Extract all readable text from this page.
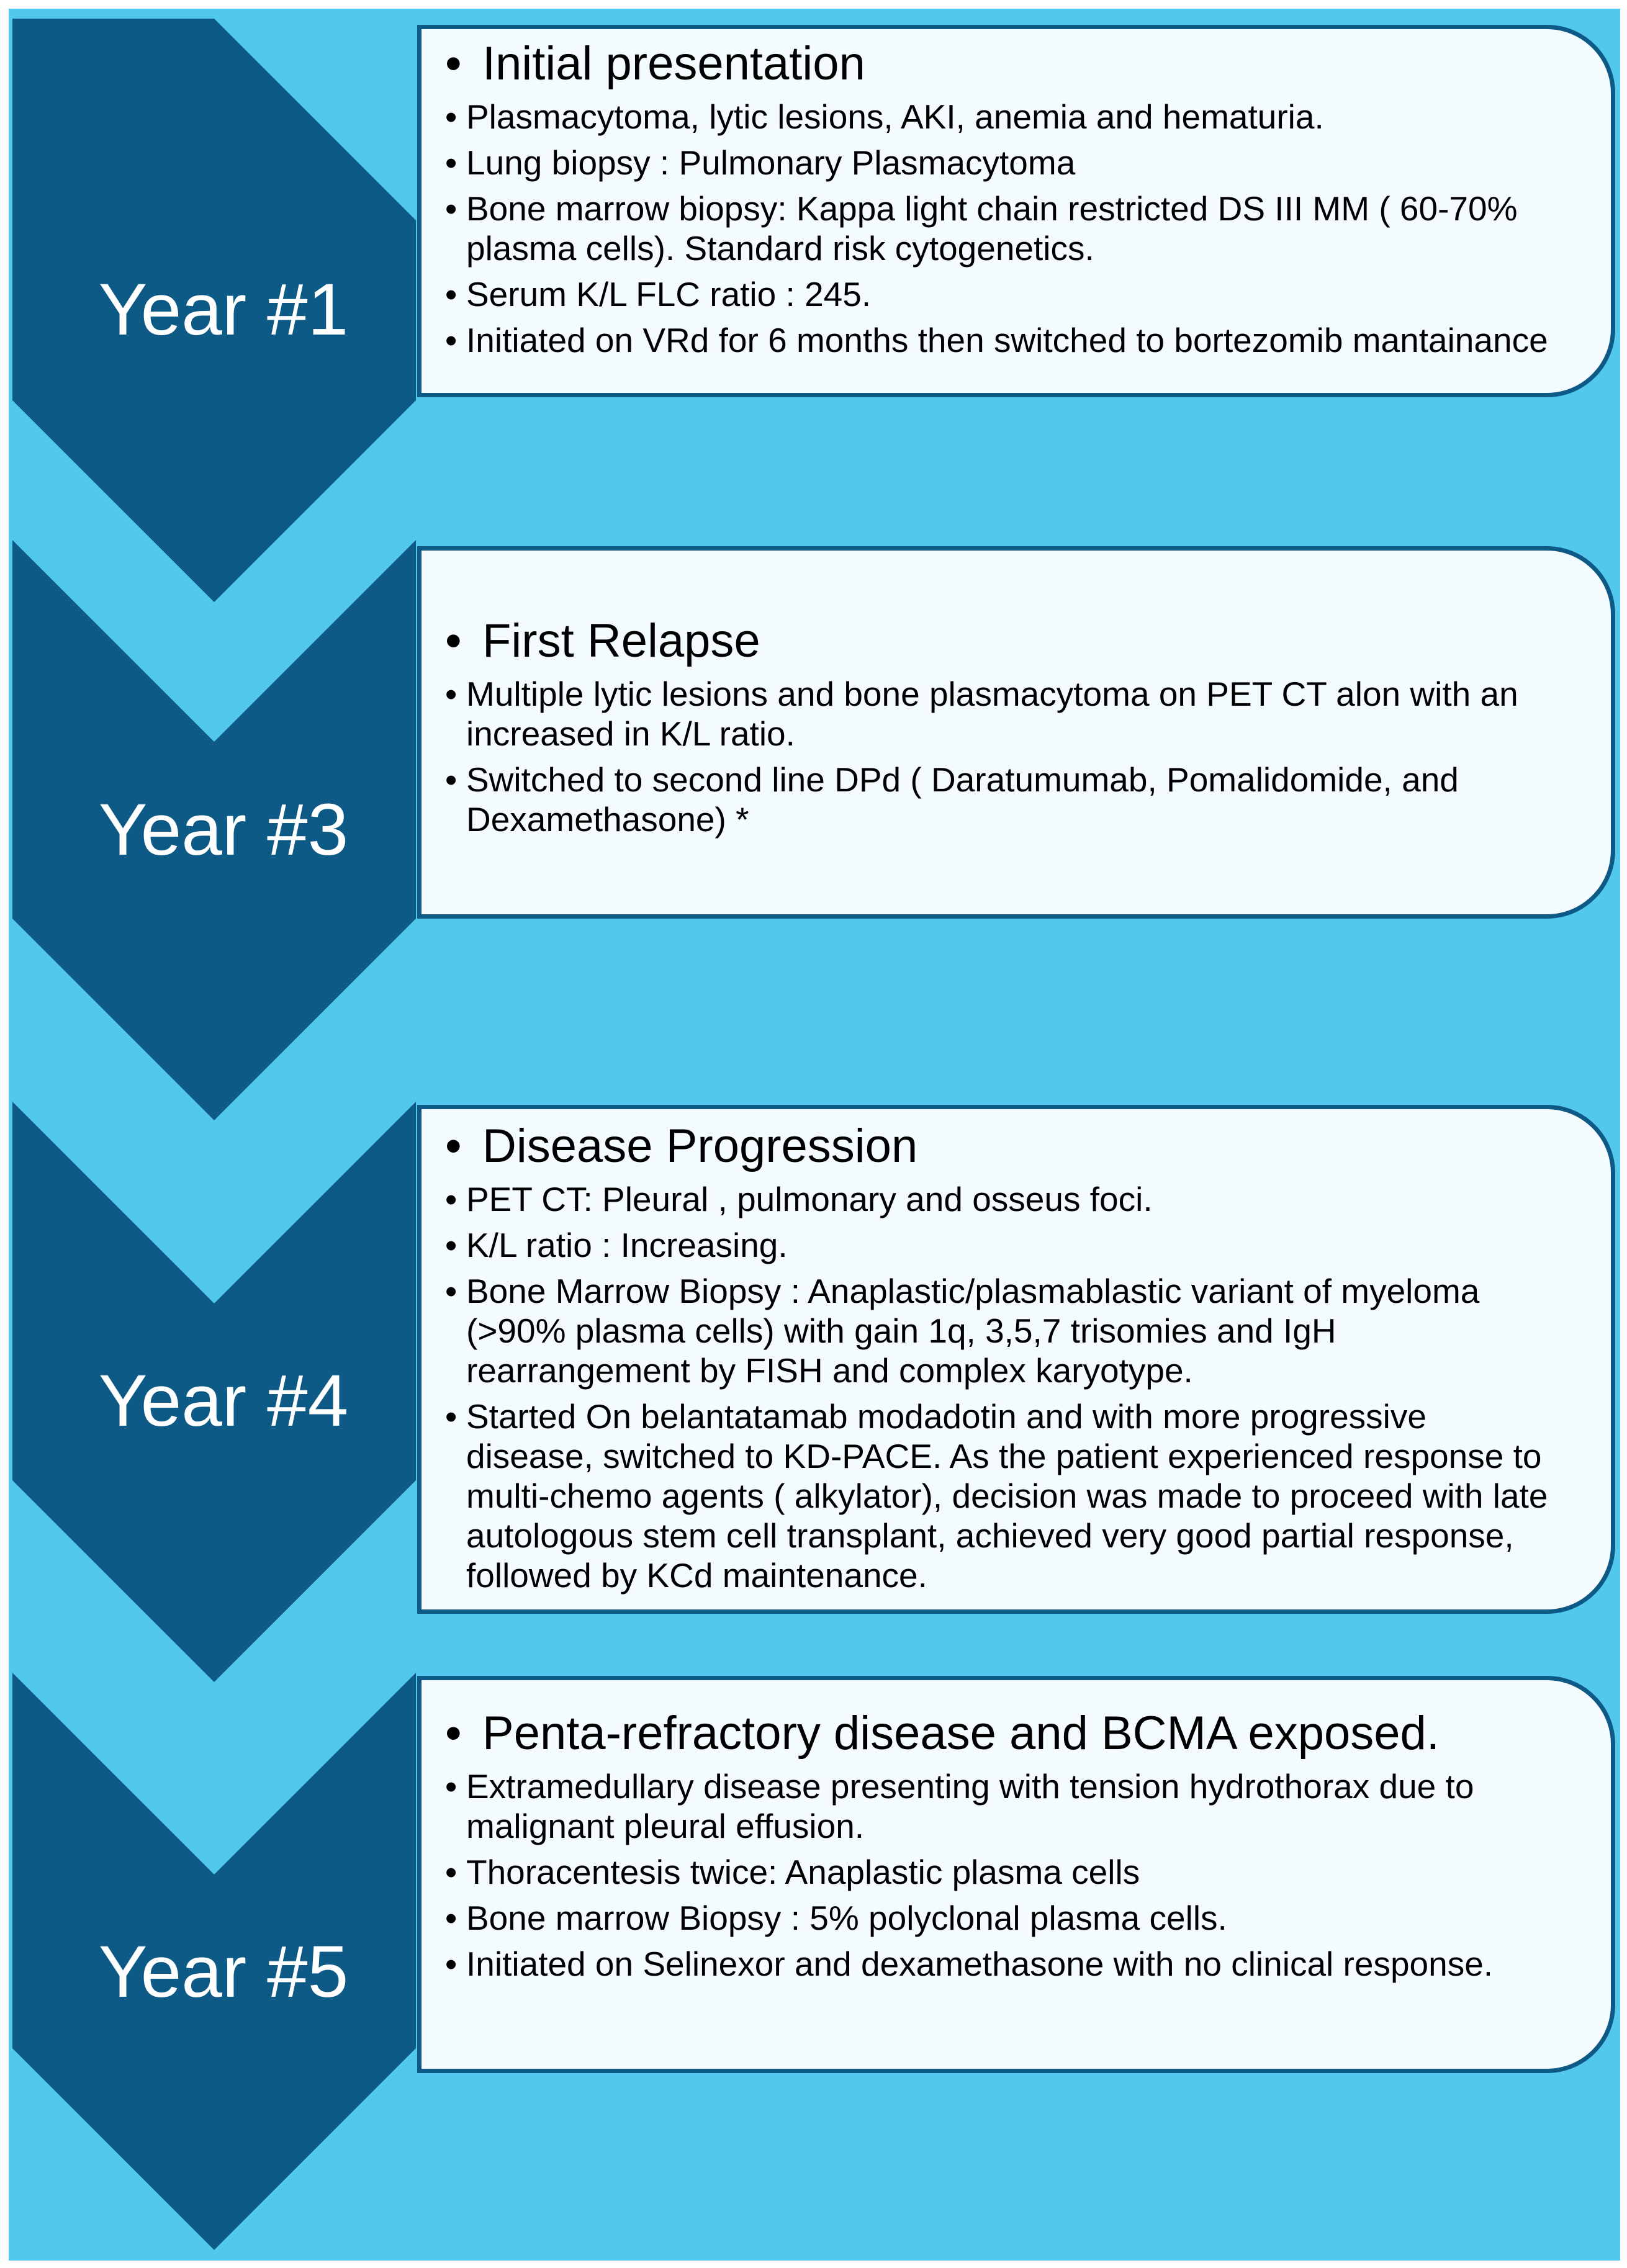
Year #1
Year #3
Year #4
Year #5
• Initial presentation
• Plasmacytoma, lytic lesions, AKI, anemia and hematuria.
• Lung biopsy : Pulmonary Plasmacytoma
• Bone marrow biopsy: Kappa light chain restricted DS III MM ( 60-70% plasma cells). Standard risk cytogenetics.
• Serum K/L FLC ratio : 245.
• Initiated on VRd for 6 months then switched to bortezomib mantainance
• First Relapse
• Multiple lytic lesions and bone plasmacytoma on PET CT alon with an increased in K/L ratio.
• Switched to second line DPd ( Daratumumab, Pomalidomide, and Dexamethasone) *
• Disease Progression
• PET CT: Pleural , pulmonary and osseus foci.
• K/L ratio : Increasing.
• Bone Marrow Biopsy : Anaplastic/plasmablastic variant of myeloma (>90% plasma cells) with gain 1q, 3,5,7 trisomies and IgH rearrangement by FISH and complex karyotype.
• Started On belantatamab modadotin and with more progressive disease, switched to KD-PACE. As the patient experienced response to multi-chemo agents ( alkylator), decision was made to proceed with late autologous stem cell transplant, achieved very good partial response, followed by KCd maintenance.
• Penta-refractory disease and BCMA exposed.
• Extramedullary disease presenting with tension hydrothorax due to malignant pleural effusion.
• Thoracentesis twice: Anaplastic plasma cells
• Bone marrow Biopsy : 5% polyclonal plasma cells.
• Initiated on Selinexor and dexamethasone with no clinical response.
